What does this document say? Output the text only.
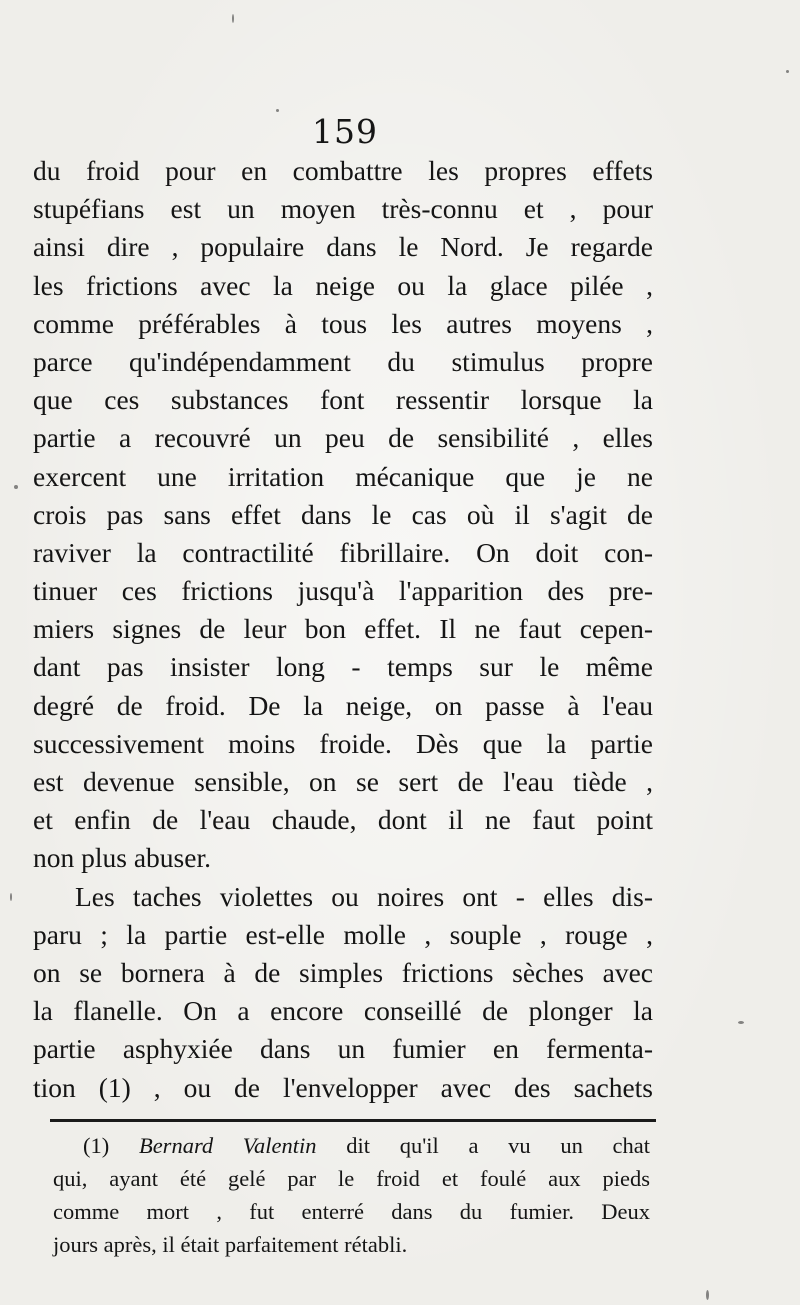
159
du froid pour en combattre les propres effets
stupéfians est un moyen très-connu et , pour
ainsi dire , populaire dans le Nord. Je regarde
les frictions avec la neige ou la glace pilée ,
comme préférables à tous les autres moyens ,
parce qu'indépendamment du stimulus propre
que ces substances font ressentir lorsque la
partie a recouvré un peu de sensibilité , elles
exercent une irritation mécanique que je ne
crois pas sans effet dans le cas où il s'agit de
raviver la contractilité fibrillaire. On doit con-
tinuer ces frictions jusqu'à l'apparition des pre-
miers signes de leur bon effet. Il ne faut cepen-
dant pas insister long - temps sur le même
degré de froid. De la neige, on passe à l'eau
successivement moins froide. Dès que la partie
est devenue sensible, on se sert de l'eau tiède ,
et enfin de l'eau chaude, dont il ne faut point
non plus abuser.
Les taches violettes ou noires ont - elles dis-
paru ; la partie est-elle molle , souple , rouge ,
on se bornera à de simples frictions sèches avec
la flanelle. On a encore conseillé de plonger la
partie asphyxiée dans un fumier en fermenta-
tion (1) , ou de l'envelopper avec des sachets
(1) Bernard Valentin dit qu'il a vu un chat
qui, ayant été gelé par le froid et foulé aux pieds
comme mort , fut enterré dans du fumier. Deux
jours après, il était parfaitement rétabli.
